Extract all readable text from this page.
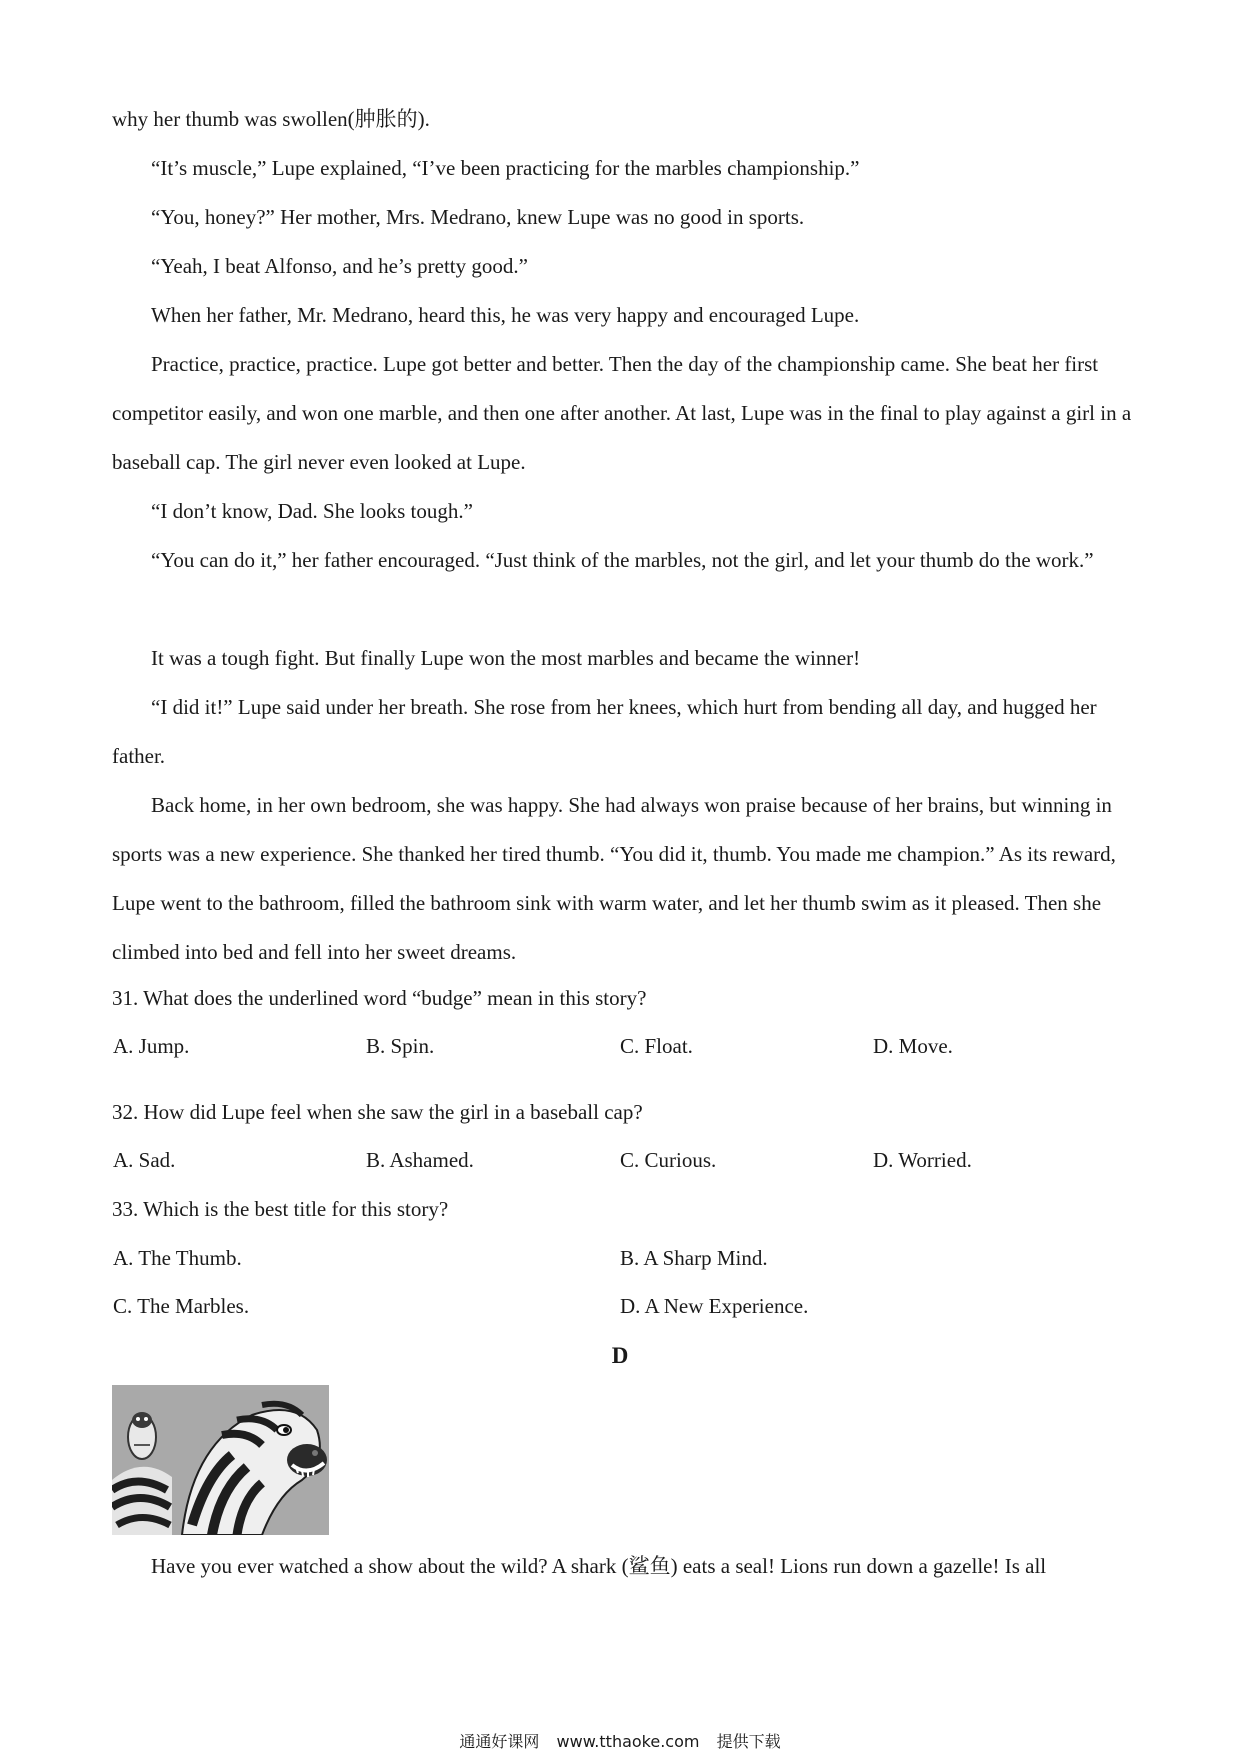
why her thumb was swollen(肿胀的).

“It’s muscle,” Lupe explained, “I’ve been practicing for the marbles championship.”

“You, honey?” Her mother, Mrs. Medrano, knew Lupe was no good in sports.

“Yeah, I beat Alfonso, and he’s pretty good.”

When her father, Mr. Medrano, heard this, he was very happy and encouraged Lupe.

Practice, practice, practice. Lupe got better and better. Then the day of the championship came. She beat her first competitor easily, and won one marble, and then one after another. At last, Lupe was in the final to play against a girl in a baseball cap. The girl never even looked at Lupe.

“I don’t know, Dad. She looks tough.”

“You can do it,” her father encouraged. “Just think of the marbles, not the girl, and let your thumb do the work.”

It was a tough fight. But finally Lupe won the most marbles and became the winner!

“I did it!” Lupe said under her breath. She rose from her knees, which hurt from bending all day, and hugged her father.

Back home, in her own bedroom, she was happy. She had always won praise because of her brains, but winning in sports was a new experience. She thanked her tired thumb. “You did it, thumb. You made me champion.” As its reward, Lupe went to the bathroom, filled the bathroom sink with warm water, and let her thumb swim as it pleased. Then she climbed into bed and fell into her sweet dreams.

31. What does the underlined word “budge” mean in this story?

A. Jump.	B. Spin.	C. Float.	D. Move.

32. How did Lupe feel when she saw the girl in a baseball cap?

A. Sad.	B. Ashamed.	C. Curious.	D. Worried.

33. Which is the best title for this story?

A. The Thumb.	B. A Sharp Mind.

C. The Marbles.	D. A New Experience.

D

Have you ever watched a show about the wild? A shark (鲨鱼) eats a seal! Lions run down a gazelle! Is all

通通好课网 www.tthaoke.com 提供下载
